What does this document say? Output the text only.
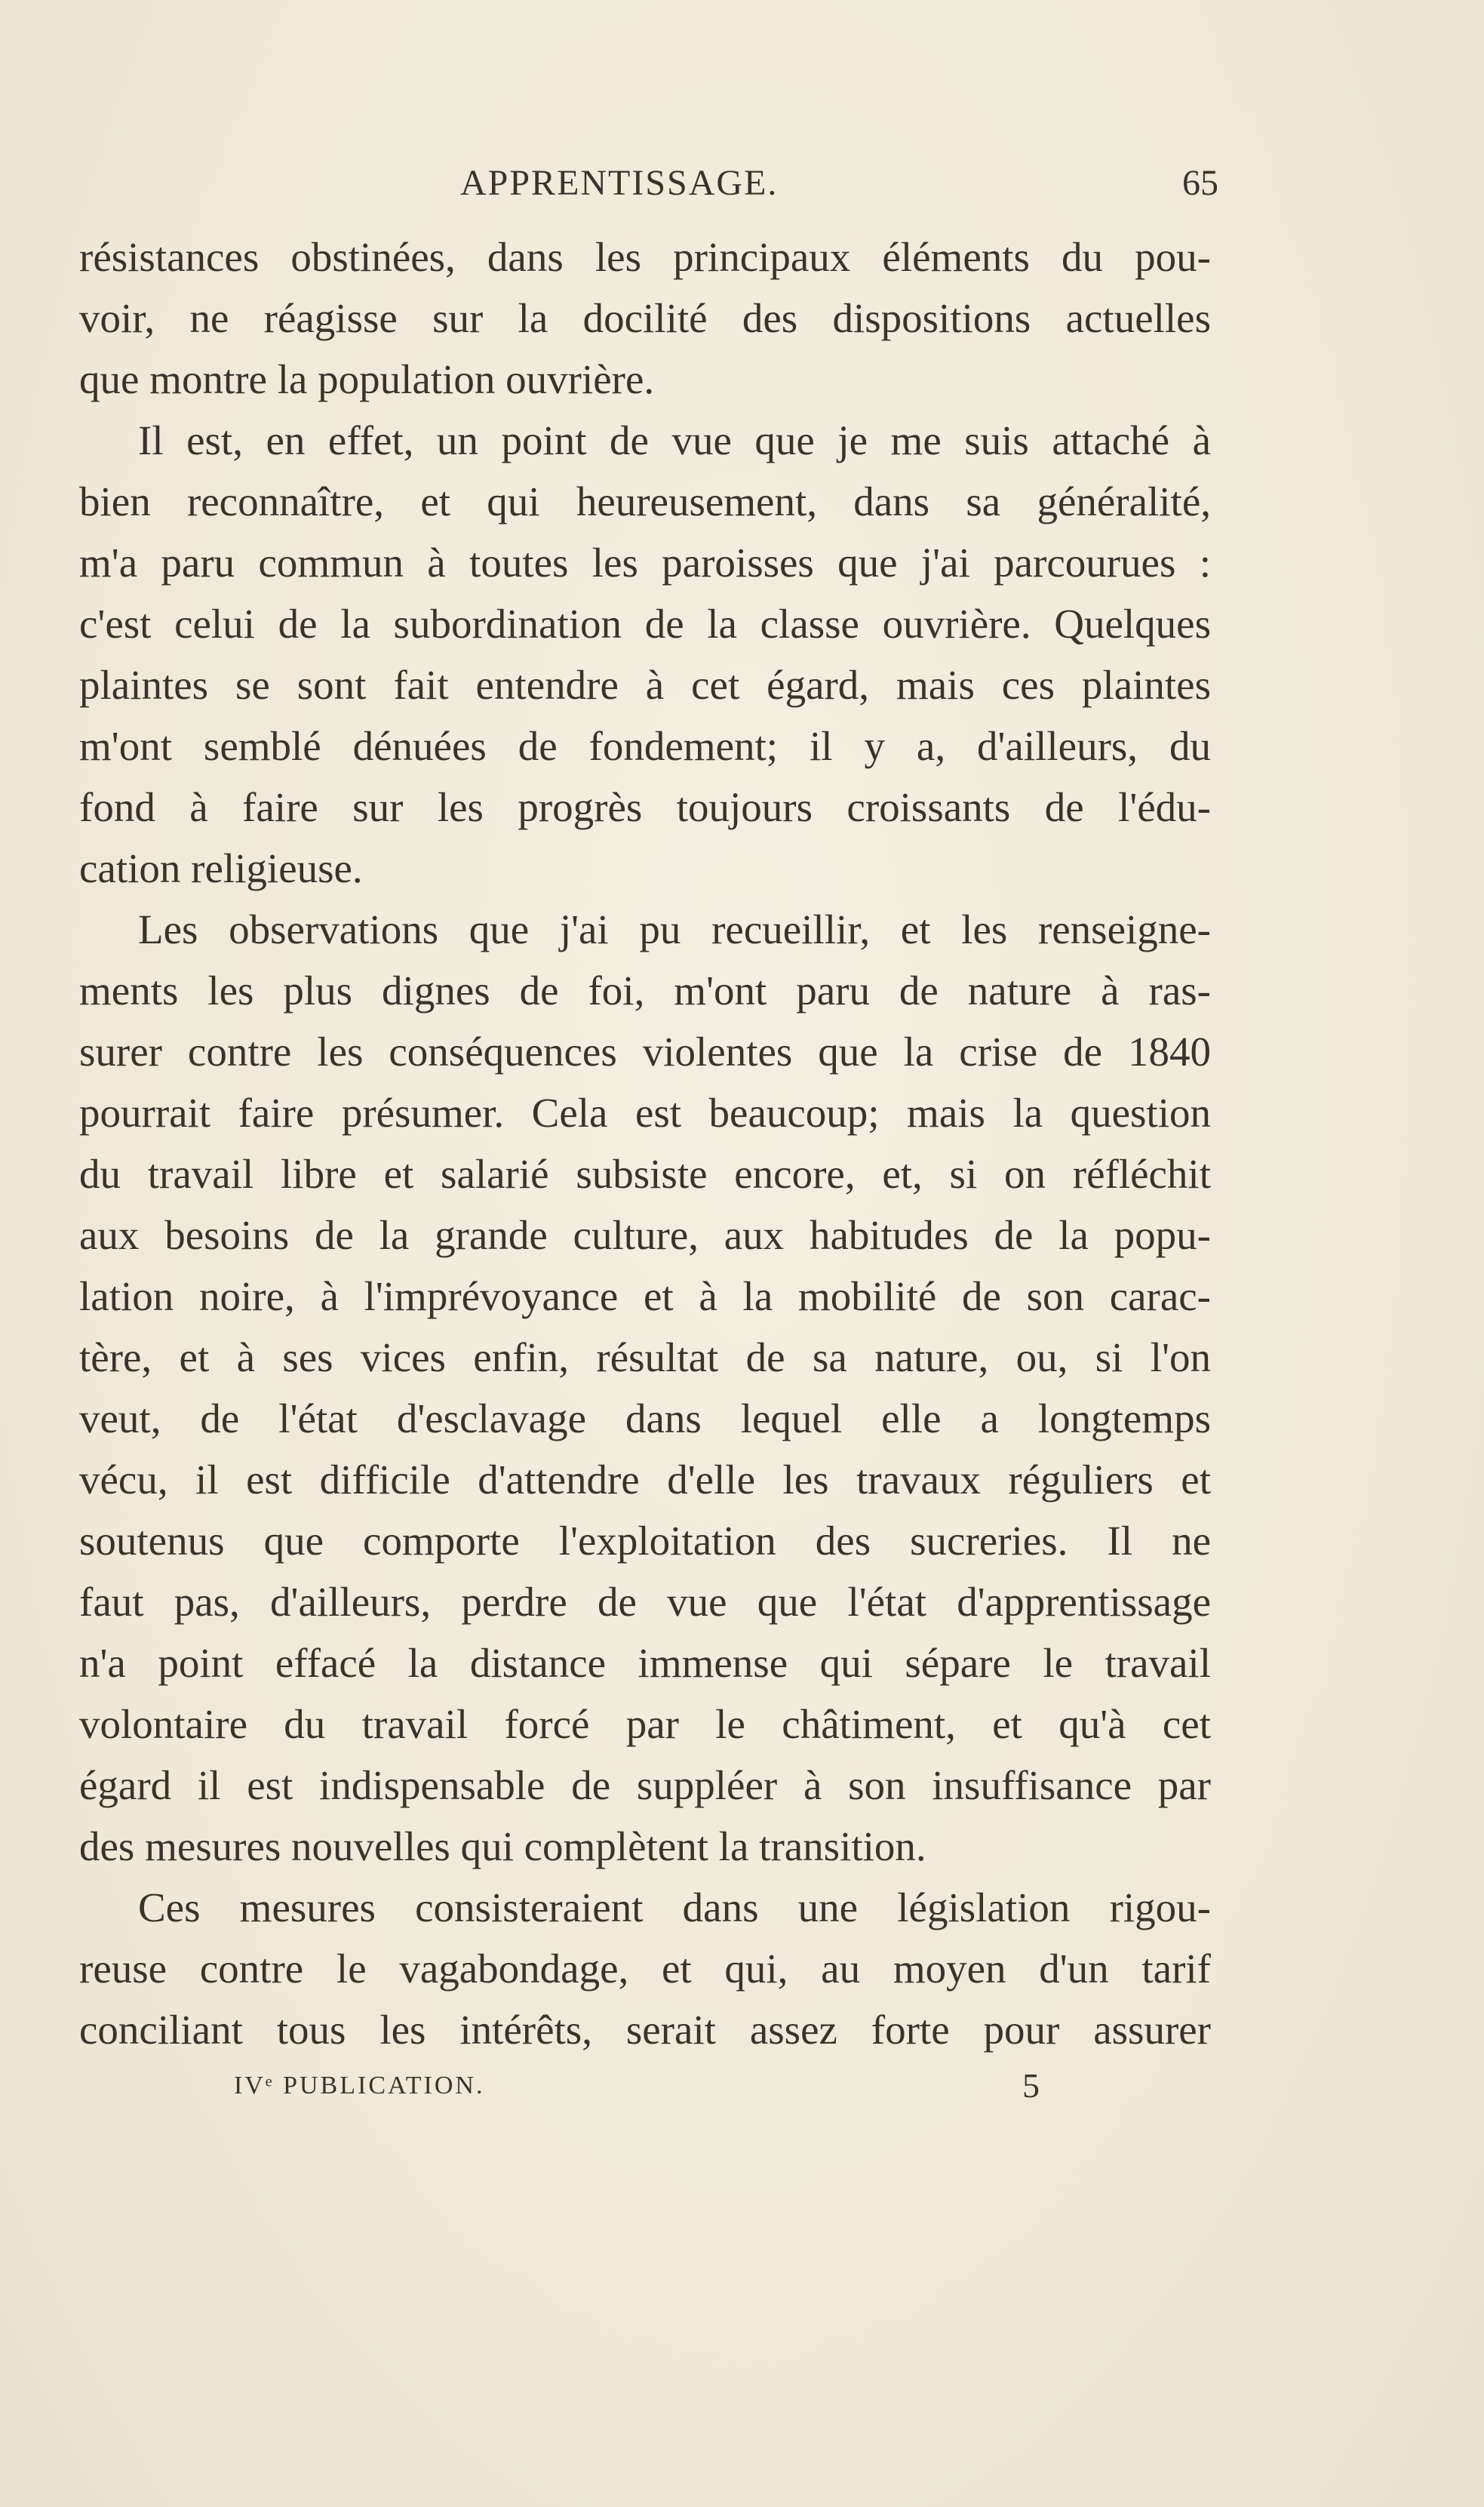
APPRENTISSAGE.	65
résistances obstinées, dans les principaux éléments du pou-
voir, ne réagisse sur la docilité des dispositions actuelles
que montre la population ouvrière.
Il est, en effet, un point de vue que je me suis attaché à
bien reconnaître, et qui heureusement, dans sa généralité,
m'a paru commun à toutes les paroisses que j'ai parcourues :
c'est celui de la subordination de la classe ouvrière. Quelques
plaintes se sont fait entendre à cet égard, mais ces plaintes
m'ont semblé dénuées de fondement; il y a, d'ailleurs, du
fond à faire sur les progrès toujours croissants de l'édu-
cation religieuse.
Les observations que j'ai pu recueillir, et les renseigne-
ments les plus dignes de foi, m'ont paru de nature à ras-
surer contre les conséquences violentes que la crise de 1840
pourrait faire présumer. Cela est beaucoup; mais la question
du travail libre et salarié subsiste encore, et, si on réfléchit
aux besoins de la grande culture, aux habitudes de la popu-
lation noire, à l'imprévoyance et à la mobilité de son carac-
tère, et à ses vices enfin, résultat de sa nature, ou, si l'on
veut, de l'état d'esclavage dans lequel elle a longtemps
vécu, il est difficile d'attendre d'elle les travaux réguliers et
soutenus que comporte l'exploitation des sucreries. Il ne
faut pas, d'ailleurs, perdre de vue que l'état d'apprentissage
n'a point effacé la distance immense qui sépare le travail
volontaire du travail forcé par le châtiment, et qu'à cet
égard il est indispensable de suppléer à son insuffisance par
des mesures nouvelles qui complètent la transition.
Ces mesures consisteraient dans une législation rigou-
reuse contre le vagabondage, et qui, au moyen d'un tarif
conciliant tous les intérêts, serait assez forte pour assurer
IVᵉ PUBLICATION.	5
